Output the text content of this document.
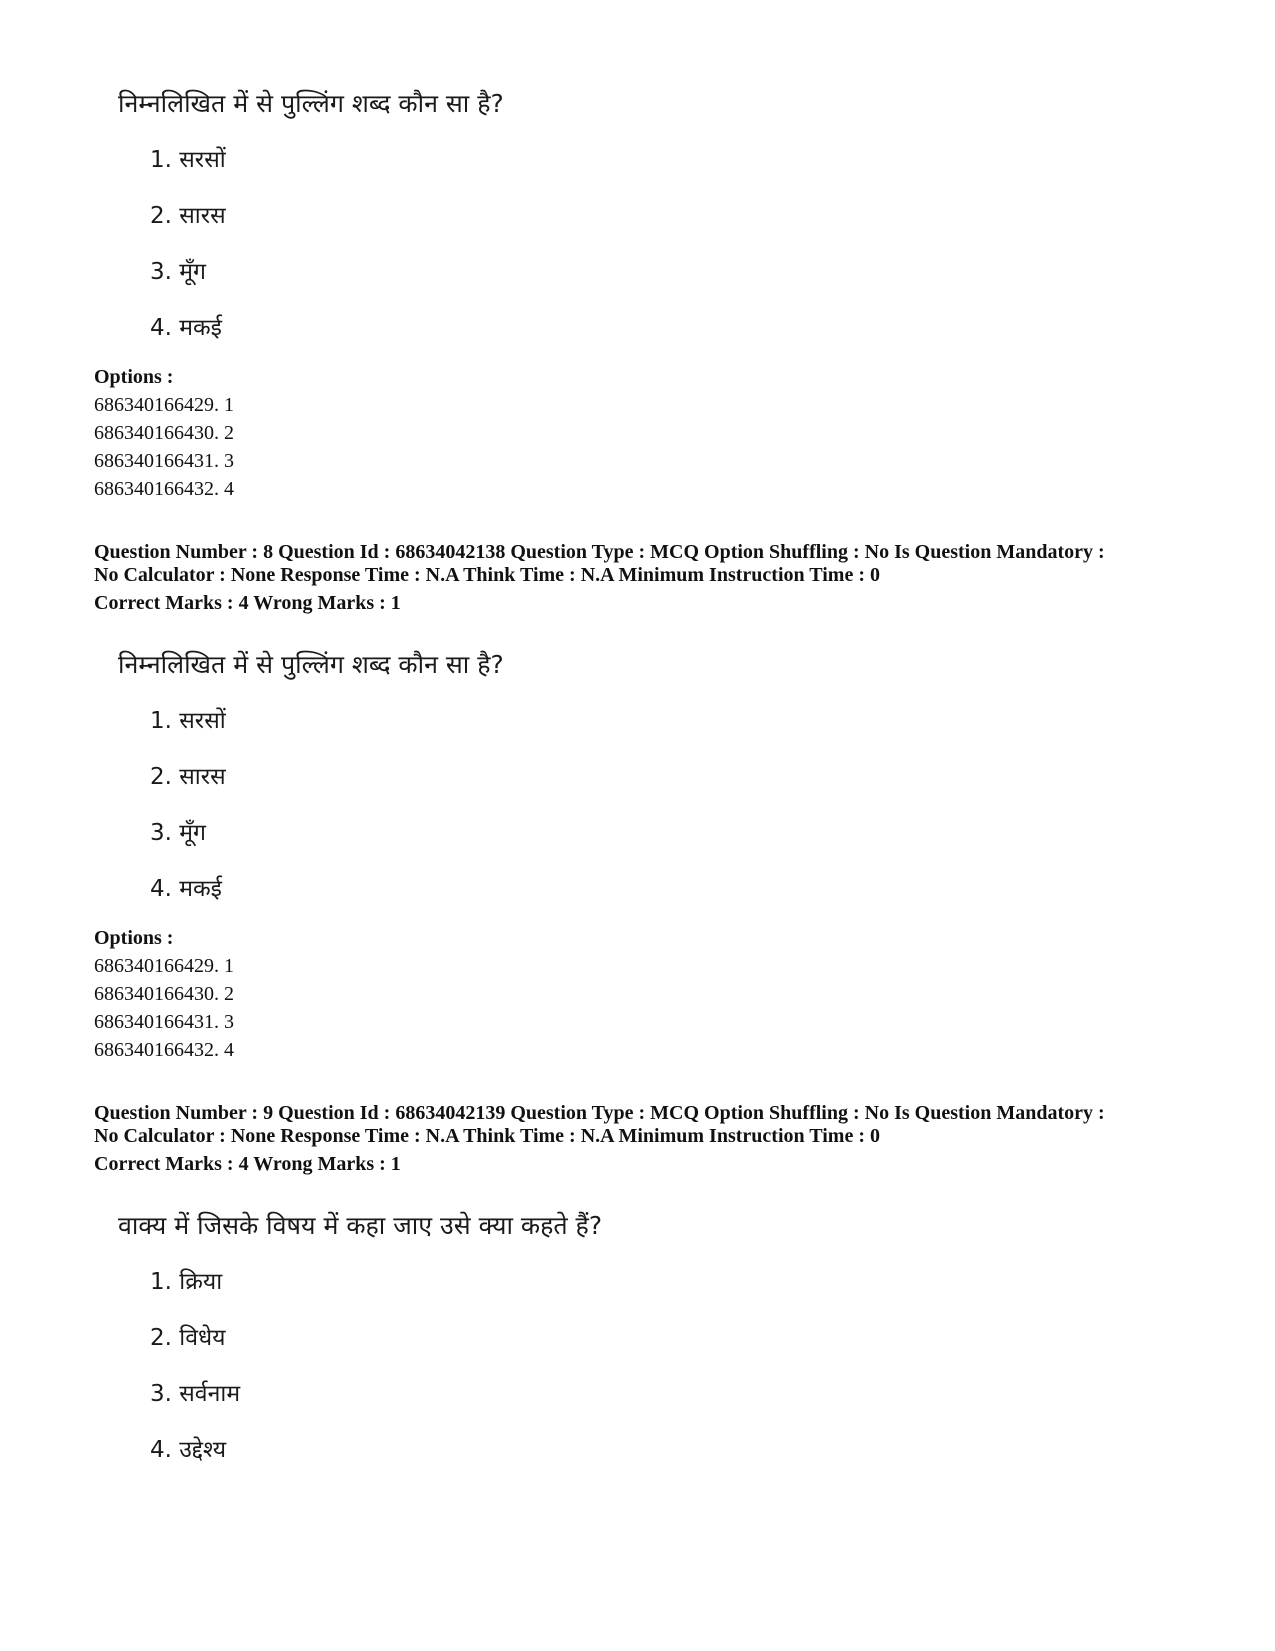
निम्नलिखित में से पुल्लिंग शब्द कौन सा है?
1. सरसों
2. सारस
3. मूँग
4. मकई
Options :
686340166429. 1
686340166430. 2
686340166431. 3
686340166432. 4
Question Number : 8 Question Id : 68634042138 Question Type : MCQ Option Shuffling : No Is Question Mandatory :
No Calculator : None Response Time : N.A Think Time : N.A Minimum Instruction Time : 0
Correct Marks : 4 Wrong Marks : 1
निम्नलिखित में से पुल्लिंग शब्द कौन सा है?
1. सरसों
2. सारस
3. मूँग
4. मकई
Options :
686340166429. 1
686340166430. 2
686340166431. 3
686340166432. 4
Question Number : 9 Question Id : 68634042139 Question Type : MCQ Option Shuffling : No Is Question Mandatory :
No Calculator : None Response Time : N.A Think Time : N.A Minimum Instruction Time : 0
Correct Marks : 4 Wrong Marks : 1
वाक्य में जिसके विषय में कहा जाए उसे क्या कहते हैं?
1. क्रिया
2. विधेय
3. सर्वनाम
4. उद्देश्य
